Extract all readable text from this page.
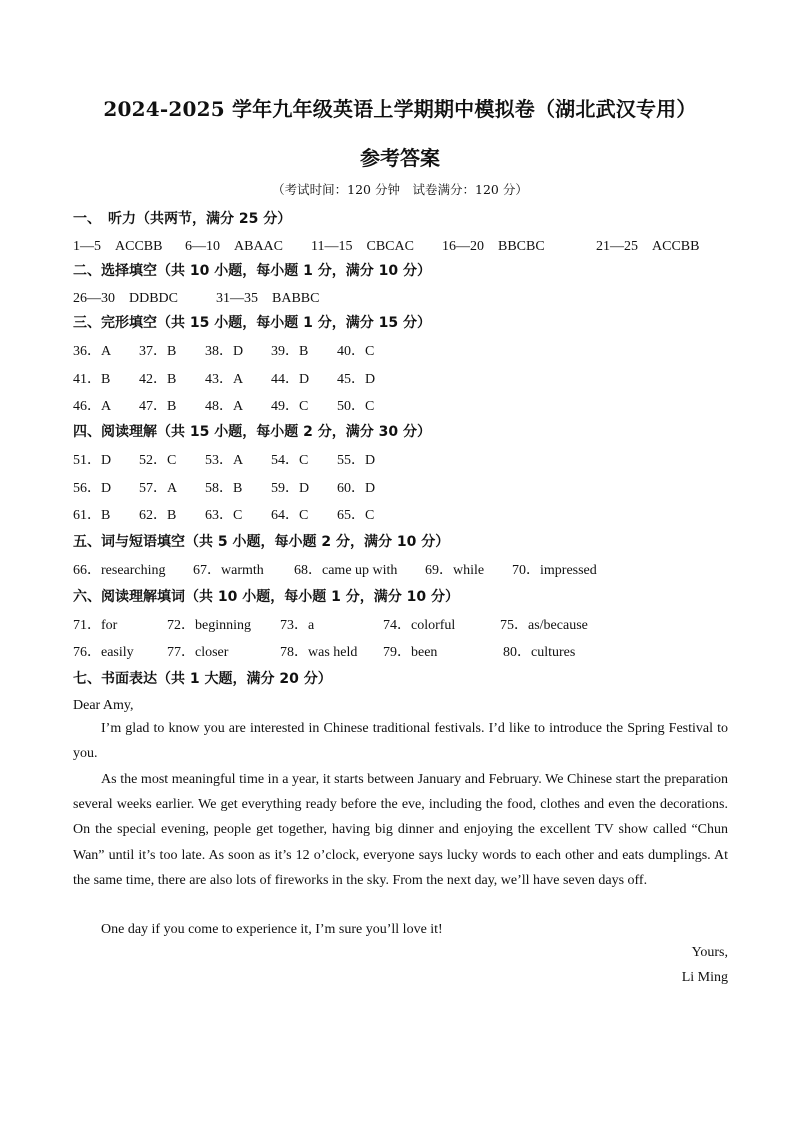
2024-2025 学年九年级英语上学期期中模拟卷（湖北武汉专用）
参考答案
（考试时间：120 分钟　试卷满分：120 分）
一、　听力（共两节，满分 25 分）
1—5　ACCBB 6—10　ABAAC 11—15　CBCAC 16—20　BBCBC	21—25　ACCBB
二、选择填空（共 10 小题，每小题 1 分，满分 10 分）
26—30　DDBDC	31—35　BABBC
三、完形填空（共 15 小题，每小题 1 分，满分 15 分）
36．A 37．B 38．D 39．B 40．C
41．B 42．B 43．A 44．D 45．D
46．A 47．B 48．A 49．C 50．C
四、阅读理解（共 15 小题，每小题 2 分，满分 30 分）
51．D 52．C 53．A 54．C 55．D
56．D 57．A 58．B 59．D 60．D
61．B 62．B 63．C 64．C 65．C
五、词与短语填空（共 5 小题，每小题 2 分，满分 10 分）
66．researching 67．warmth 68．came up with 69．while 70．impressed
六、阅读理解填词（共 10 小题，每小题 1 分，满分 10 分）
71．for	72．beginning 73．a	74．colorful	75．as/because
76．easily 77．closer	78．was held 79．been	80．cultures
七、书面表达（共 1 大题，满分 20 分）
Dear Amy,
I’m glad to know you are interested in Chinese traditional festivals. I’d like to introduce the Spring Festival to you.
As the most meaningful time in a year, it starts between January and February. We Chinese start the preparation several weeks earlier. We get everything ready before the eve, including the food, clothes and even the decorations. On the special evening, people get together, having big dinner and enjoying the excellent TV show called “Chun Wan” until it’s too late. As soon as it’s 12 o’clock, everyone says lucky words to each other and eats dumplings. At the same time, there are also lots of fireworks in the sky. From the next day, we’ll have seven days off.
One day if you come to experience it, I’m sure you’ll love it!
Yours,
Li Ming
